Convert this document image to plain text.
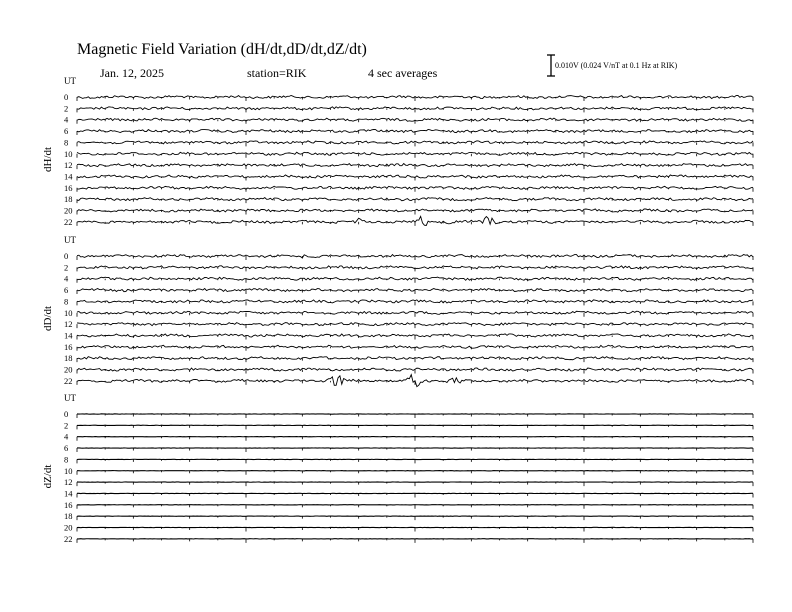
Magnetic Field Variation (dH/dt,dD/dt,dZ/dt)
Jan. 12, 2025	station=RIK	4 sec averages
0.010V (0.024 V/nT at 0.1 Hz at RIK)
UT
dH/dt
0
2
4
6
8
10
12
14
16
18
20
22
UT
dD/dt
0
2
4
6
8
10
12
14
16
18
20
22
UT
dZ/dt
0
2
4
6
8
10
12
14
16
18
20
22
